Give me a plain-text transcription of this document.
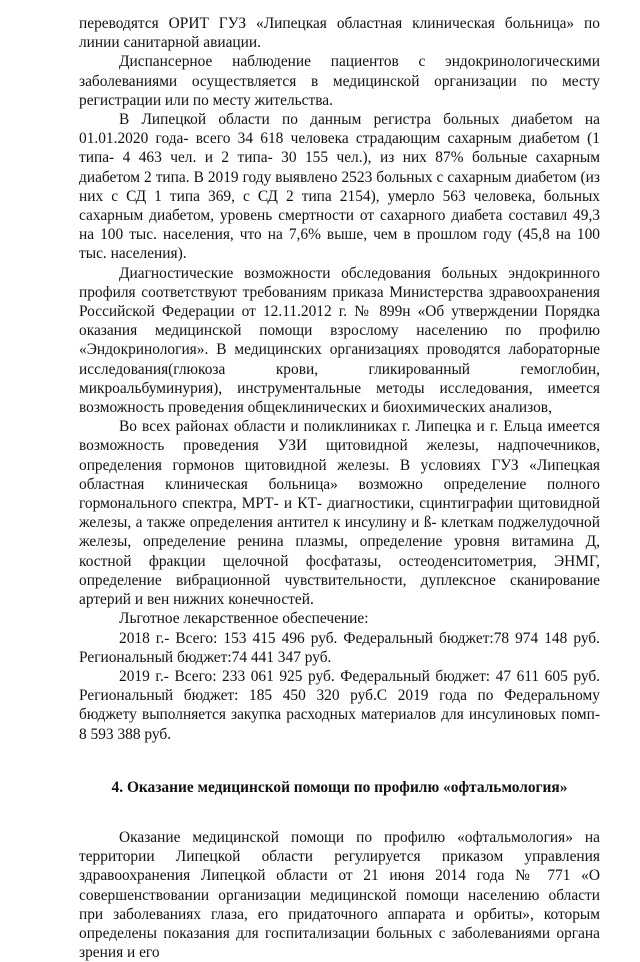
переводятся ОРИТ ГУЗ «Липецкая областная клиническая больница» по линии санитарной авиации.

Диспансерное наблюдение пациентов с эндокринологическими заболеваниями осуществляется в медицинской организации по месту регистрации или по месту жительства.

В Липецкой области по данным регистра больных диабетом на 01.01.2020 года- всего 34 618 человека страдающим сахарным диабетом (1 типа- 4 463 чел. и 2 типа- 30 155 чел.), из них 87% больные сахарным диабетом 2 типа. В 2019 году выявлено 2523 больных с сахарным диабетом (из них с СД 1 типа 369, с СД 2 типа 2154), умерло 563 человека, больных сахарным диабетом, уровень смертности от сахарного диабета составил 49,3 на 100 тыс. населения, что на 7,6% выше, чем в прошлом году (45,8 на 100 тыс. населения).

Диагностические возможности обследования больных эндокринного профиля соответствуют требованиям приказа Министерства здравоохранения Российской Федерации от 12.11.2012 г. № 899н «Об утверждении Порядка оказания медицинской помощи взрослому населению по профилю «Эндокринология». В медицинских организациях проводятся лабораторные исследования(глюкоза крови, гликированный гемоглобин, микроальбуминурия), инструментальные методы исследования, имеется возможность проведения общеклинических и биохимических анализов,

Во всех районах области и поликлиниках г. Липецка и г. Ельца имеется возможность проведения УЗИ щитовидной железы, надпочечников, определения гормонов щитовидной железы. В условиях ГУЗ «Липецкая областная клиническая больница» возможно определение полного гормонального спектра, МРТ- и КТ- диагностики, сцинтиграфии щитовидной железы, а также определения антител к инсулину и ß- клеткам поджелудочной железы, определение ренина плазмы, определение уровня витамина Д, костной фракции щелочной фосфатазы, остеоденситометрия, ЭНМГ, определение вибрационной чувствительности, дуплексное сканирование артерий и вен нижних конечностей.

Льготное лекарственное обеспечение:

2018 г.- Всего: 153 415 496 руб. Федеральный бюджет:78 974 148 руб. Региональный бюджет:74 441 347 руб.

2019 г.- Всего: 233 061 925 руб. Федеральный бюджет: 47 611 605 руб. Региональный бюджет: 185 450 320 руб.С 2019 года по Федеральному бюджету выполняется закупка расходных материалов для инсулиновых помп- 8 593 388 руб.

4. Оказание медицинской помощи по профилю «офтальмология»

Оказание медицинской помощи по профилю «офтальмология» на территории Липецкой области регулируется приказом управления здравоохранения Липецкой области от 21 июня 2014 года № 771 «О совершенствовании организации медицинской помощи населению области при заболеваниях глаза, его придаточного аппарата и орбиты», которым определены показания для госпитализации больных с заболеваниями органа зрения и его
